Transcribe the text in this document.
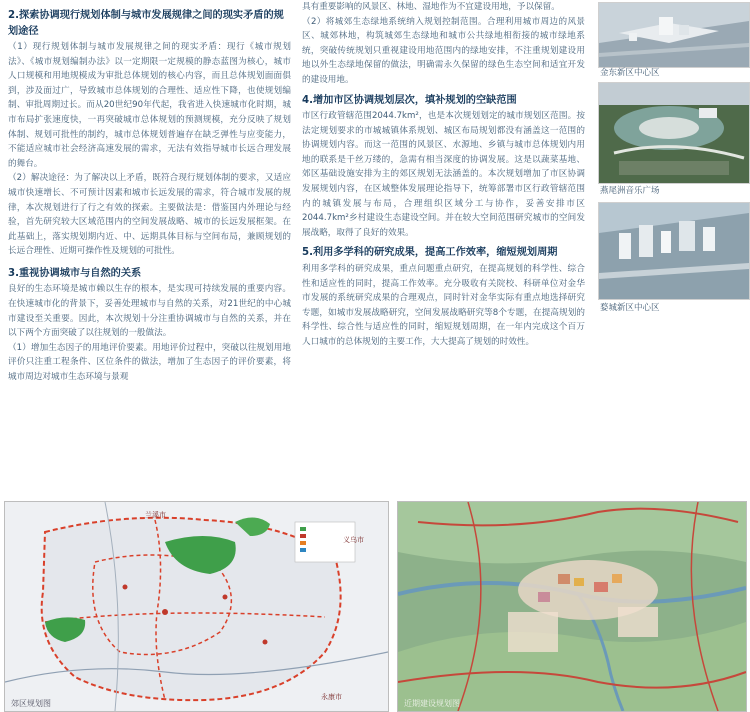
2.探索协调现行规划体制与城市发展规律之间的现实矛盾的规划途径

（1）现行规划体制与城市发展规律之间的现实矛盾：现行《城市规划法》、《城市规划编制办法》以一定期限一定规模的静态蓝图为核心，城市人口规模和用地规模成为审批总体规划的核心内容，而且总体规划面面俱到，涉及面过广，导致城市总体规划的合理性、适应性下降，也使规划编制、审批周期过长。而从20世纪90年代起，我省进入快速城市化时期，城市布局扩张速度快，一再突破城市总体规划的预测规模，充分反映了规划体制、规划可批性的制约，城市总体规划普遍存在缺乏弹性与应变能力，不能适应城市社会经济高速发展的需求，无法有效指导城市长远合理发展的舞台。

（2）解决途径：为了解决以上矛盾，既符合现行规划体制的要求，又适应城市快速增长、不可预计因素和城市长远发展的需求，符合城市发展的规律，本次规划进行了行之有效的探索。主要做法是：借鉴国内外理论与经验，首先研究较大区域范围内的空间发展战略、城市的长远发展框架。在此基础上，落实规划期内近、中、远期具体目标与空间布局，兼顾规划的长远合理性、近期可操作性及规划的可批性。

3.重视协调城市与自然的关系

良好的生态环境是城市赖以生存的根本，是实现可持续发展的重要内容。在快速城市化的背景下，妥善处理城市与自然的关系，对21世纪的中心城市建设至关重要。因此，本次规划十分注重协调城市与自然的关系，并在以下两个方面突破了以往规划的一般做法。

（1）增加生态因子的用地评价要素。用地评价过程中，突破以往规划用地评价只注重工程条件、区位条件的做法，增加了生态因子的评价要素，将城市周边对城市生态环境与景观

具有重要影响的风景区、林地、湿地作为不宜建设用地，予以保留。

（2）将城郊生态绿地系统纳入规划控制范围。合理利用城市周边的风景区、城郊林地，构筑城郊生态绿地和城市公共绿地相衔接的城市绿地系统，突破传统规划只重视建设用地范围内的绿地安排，不注重规划建设用地以外生态绿地保留的做法，明确需永久保留的绿色生态空间和适宜开发的建设用地。

4.增加市区协调规划层次，填补规划的空缺范围

市区行政管辖范围2044.7km²，也是本次规划划定的城市规划区范围。按法定规划要求的市城城镇体系规划、城区布局规划都没有涵盖这一范围的协调规划内容。而这一范围的风景区、水源地、乡镇与城市总体规划内用地的联系是千丝万缕的，急需有相当深度的协调发展。这是以蔬菜基地、郊区基础设施安排为主的郊区规划无法涵盖的。本次规划增加了市区协调发展规划内容，在区域整体发展理论指导下，统筹部署市区行政管辖范围内的城镇发展与布局，合理组织区域分工与协作，妥善安排市区2044.7km²乡村建设生态建设空间。并在较大空间范围研究城市的空间发展战略，取得了良好的效果。

5.利用多学科的研究成果，提高工作效率，缩短规划周期

利用多学科的研究成果，重点问题重点研究，在提高规划的科学性、综合性和适应性的同时，提高工作效率。充分吸收有关院校、科研单位对金华市发展的系统研究成果的合理观点，同时针对金华实际有重点地选择研究专题，如城市发展战略研究，空间发展战略研究等8个专题，在提高规划的科学性、综合性与适应性的同时，缩短规划周期，在一年内完成这个百万人口城市的总体规划的主要工作，大大提高了规划的时效性。

金东新区中心区
燕尾洲音乐广场
婺城新区中心区
兰溪市
义乌市
永康市
郊区规划图	近期建设规划图
